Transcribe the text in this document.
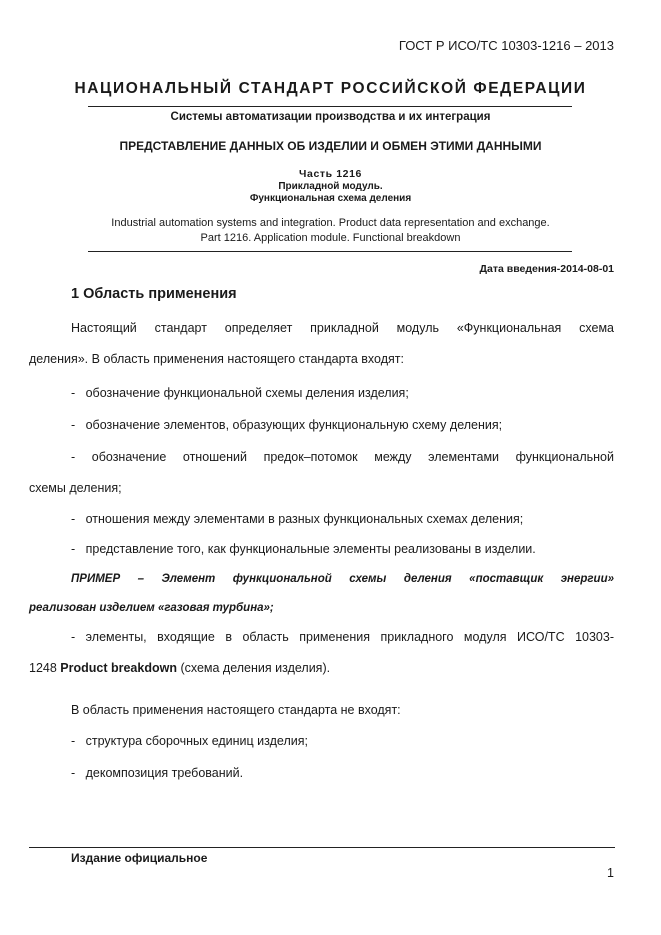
ГОСТ Р ИСО/ТС 10303-1216 – 2013
НАЦИОНАЛЬНЫЙ СТАНДАРТ РОССИЙСКОЙ ФЕДЕРАЦИИ
Системы автоматизации производства и их интеграция
ПРЕДСТАВЛЕНИЕ ДАННЫХ ОБ ИЗДЕЛИИ И ОБМЕН ЭТИМИ ДАННЫМИ
Часть 1216
Прикладной модуль.
Функциональная схема деления
Industrial automation systems and integration. Product data representation and exchange.
Part 1216. Application module. Functional breakdown
Дата введения-2014-08-01
1 Область применения
Настоящий стандарт определяет прикладной модуль «Функциональная схема
деления». В область применения настоящего стандарта входят:
- обозначение функциональной схемы деления изделия;
- обозначение элементов, образующих функциональную схему деления;
- обозначение отношений предок–потомок между элементами функциональной
схемы деления;
- отношения между элементами в разных функциональных схемах деления;
- представление того, как функциональные элементы реализованы в изделии.
ПРИМЕР – Элемент функциональной схемы деления «поставщик энергии»
реализован изделием «газовая турбина»;
- элементы, входящие в область применения прикладного модуля ИСО/ТС 10303-
1248 Product breakdown (схема деления изделия).
В область применения настоящего стандарта не входят:
- структура сборочных единиц изделия;
- декомпозиция требований.
Издание официальное
1
